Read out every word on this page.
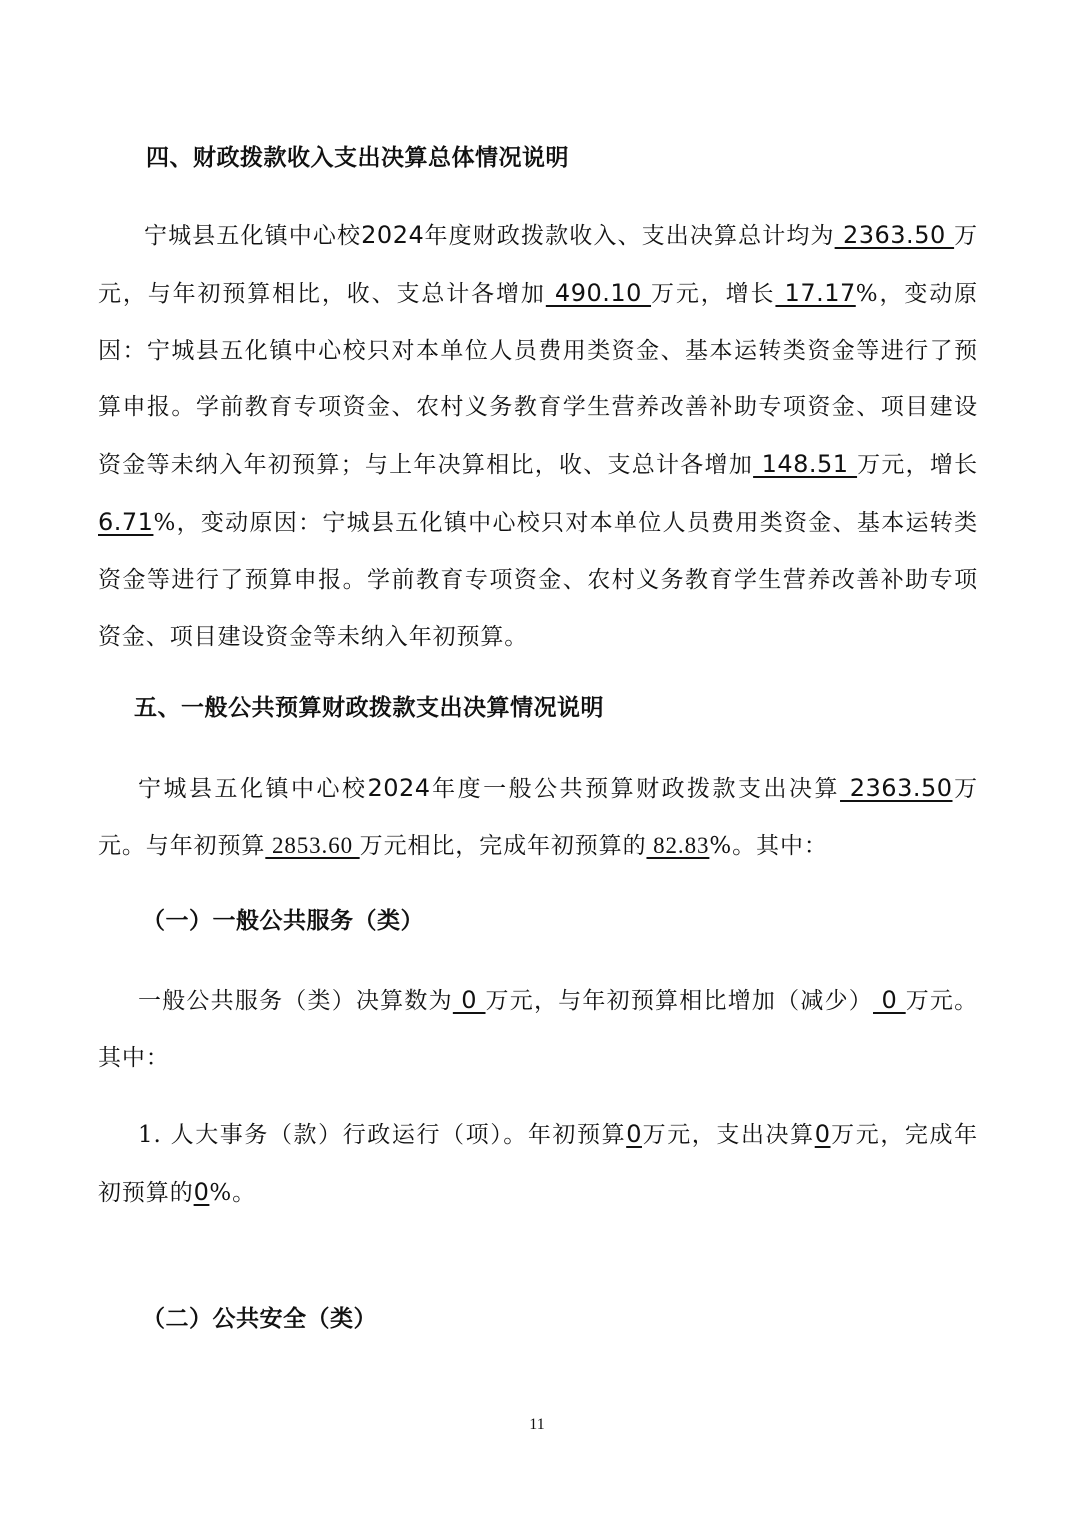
四、财政拨款收入支出决算总体情况说明

宁城县五化镇中心校2024年度财政拨款收入、支出决算总计均为 2363.50 万元，与年初预算相比，收、支总计各增加 490.10 万元，增长 17.17%，变动原因：宁城县五化镇中心校只对本单位人员费用类资金、基本运转类资金等进行了预算申报。学前教育专项资金、农村义务教育学生营养改善补助专项资金、项目建设资金等未纳入年初预算；与上年决算相比，收、支总计各增加 148.51 万元，增长6.71%，变动原因：宁城县五化镇中心校只对本单位人员费用类资金、基本运转类资金等进行了预算申报。学前教育专项资金、农村义务教育学生营养改善补助专项资金、项目建设资金等未纳入年初预算。

五、一般公共预算财政拨款支出决算情况说明

宁城县五化镇中心校2024年度一般公共预算财政拨款支出决算 2363.50万元。与年初预算 2853.60 万元相比，完成年初预算的 82.83%。其中：

（一）一般公共服务（类）

一般公共服务（类）决算数为 0 万元，与年初预算相比增加（减少） 0 万元。其中：

1. 人大事务（款）行政运行（项）。年初预算0万元，支出决算0万元，完成年初预算的0%。

（二）公共安全（类）
11
